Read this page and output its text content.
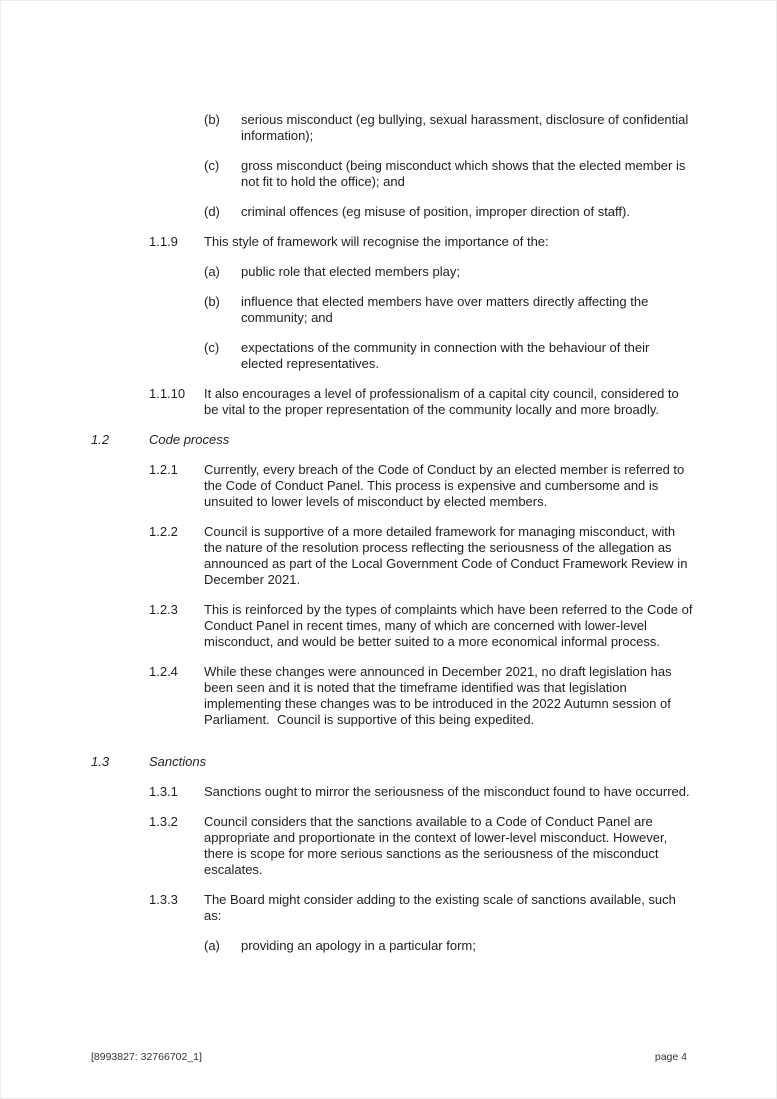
(b)	serious misconduct (eg bullying, sexual harassment, disclosure of confidential information);
(c)	gross misconduct (being misconduct which shows that the elected member is not fit to hold the office); and
(d)	criminal offences (eg misuse of position, improper direction of staff).
1.1.9	This style of framework will recognise the importance of the:
(a)	public role that elected members play;
(b)	influence that elected members have over matters directly affecting the community; and
(c)	expectations of the community in connection with the behaviour of their elected representatives.
1.1.10	It also encourages a level of professionalism of a capital city council, considered to be vital to the proper representation of the community locally and more broadly.
1.2	Code process
1.2.1	Currently, every breach of the Code of Conduct by an elected member is referred to the Code of Conduct Panel. This process is expensive and cumbersome and is unsuited to lower levels of misconduct by elected members.
1.2.2	Council is supportive of a more detailed framework for managing misconduct, with the nature of the resolution process reflecting the seriousness of the allegation as announced as part of the Local Government Code of Conduct Framework Review in December 2021.
1.2.3	This is reinforced by the types of complaints which have been referred to the Code of Conduct Panel in recent times, many of which are concerned with lower-level misconduct, and would be better suited to a more economical informal process.
1.2.4	While these changes were announced in December 2021, no draft legislation has been seen and it is noted that the timeframe identified was that legislation implementing these changes was to be introduced in the 2022 Autumn session of Parliament.  Council is supportive of this being expedited.
1.3	Sanctions
1.3.1	Sanctions ought to mirror the seriousness of the misconduct found to have occurred.
1.3.2	Council considers that the sanctions available to a Code of Conduct Panel are appropriate and proportionate in the context of lower-level misconduct. However, there is scope for more serious sanctions as the seriousness of the misconduct escalates.
1.3.3	The Board might consider adding to the existing scale of sanctions available, such as:
(a)	providing an apology in a particular form;
[8993827: 32766702_1]	page 4
